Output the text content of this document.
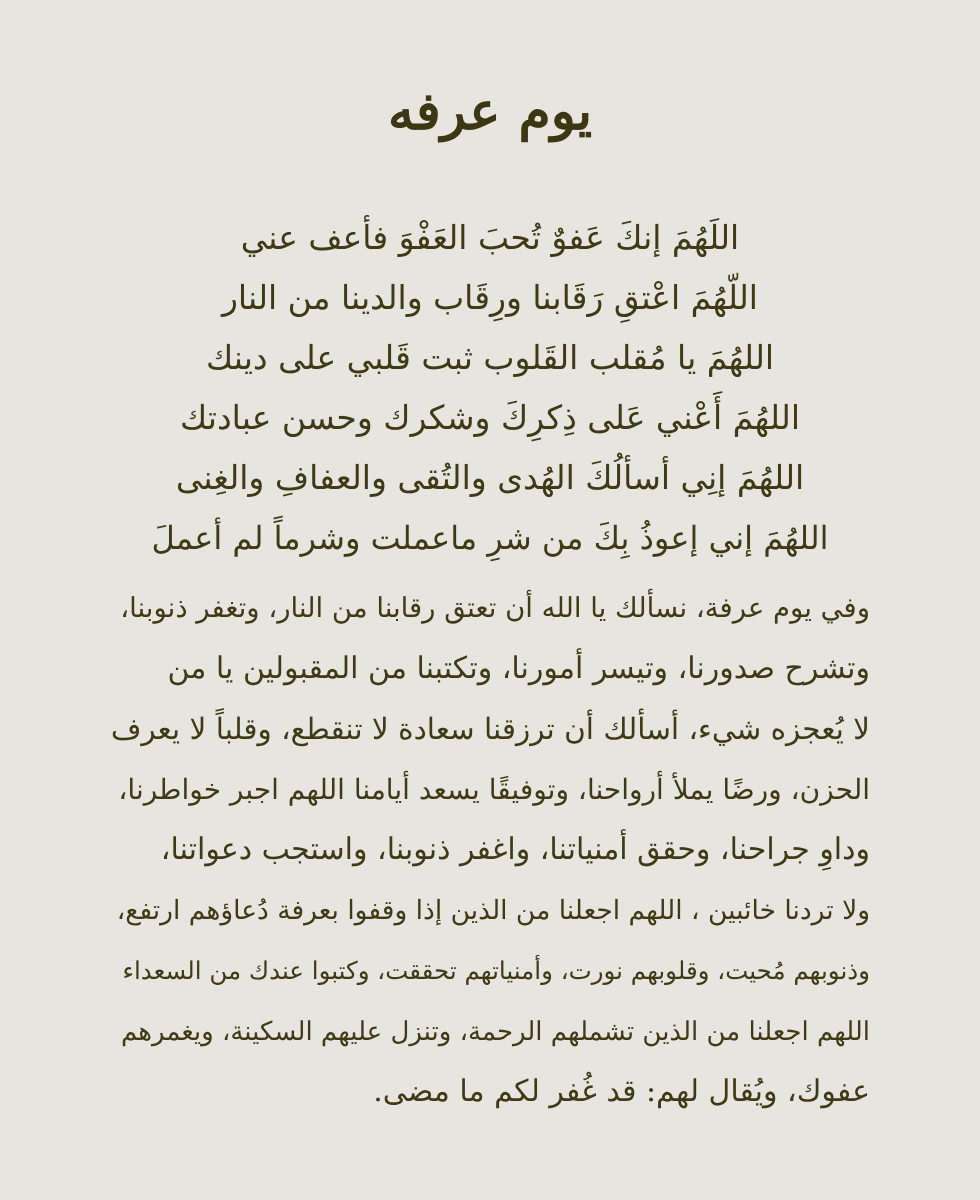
يوم عرفه
اللَهُمَ إنكَ عَفوٌ تُحبَ العَفْوَ فأعف عني
اللّهُمَ اعْتقِ رَقَابنا ورِقَاب والدينا من النار
اللهُمَ يا مُقلب القَلوب ثبت قَلبي على دينك
اللهُمَ أَعْني عَلى ذِكرِكَ وشكرك وحسن عبادتك
اللهُمَ إنِي أسألُكَ الهُدى والتُقى والعفافِ والغِنى
اللهُمَ إني إعوذُ بِكَ من شرِ ماعملت وشرماً لم أعملَ
وفي يوم عرفة، نسألك يا الله أن تعتق رقابنا من النار، وتغفر ذنوبنا،
وتشرح صدورنا، وتيسر أمورنا، وتكتبنا من المقبولين يا من
لا يُعجزه شيء، أسألك أن ترزقنا سعادة لا تنقطع، وقلباً لا يعرف
الحزن، ورضًا يملأ أرواحنا، وتوفيقًا يسعد أيامنا اللهم اجبر خواطرنا،
وداوِ جراحنا، وحقق أمنياتنا، واغفر ذنوبنا، واستجب دعواتنا،
ولا تردنا خائبين ، اللهم اجعلنا من الذين إذا وقفوا بعرفة دُعاؤهم ارتفع،
وذنوبهم مُحيت، وقلوبهم نورت، وأمنياتهم تحققت، وكتبوا عندك من السعداء
اللهم اجعلنا من الذين تشملهم الرحمة، وتنزل عليهم السكينة، ويغمرهم
عفوك، ويُقال لهم: قد غُفر لكم ما مضى.
